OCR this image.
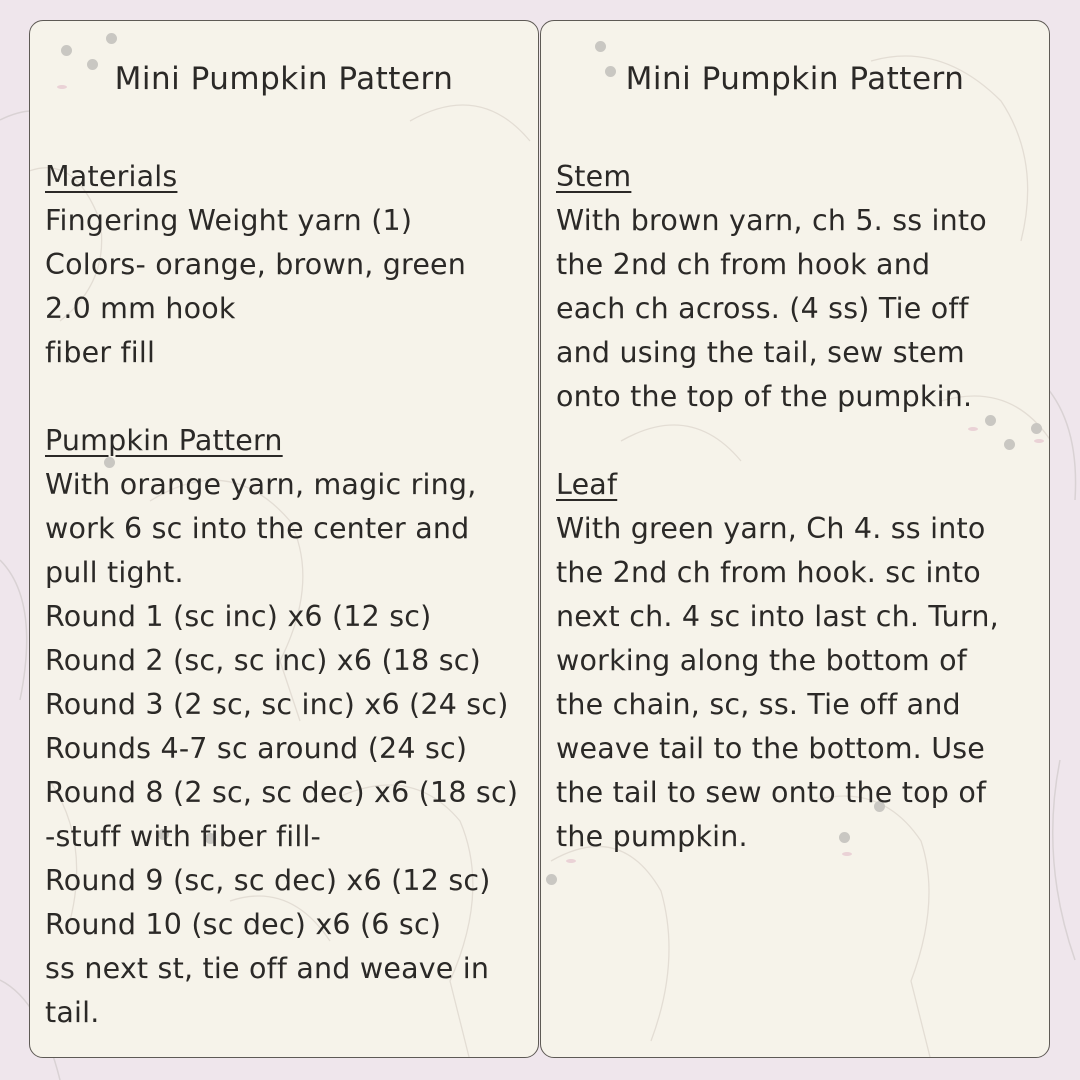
Mini Pumpkin Pattern
Materials
Fingering Weight yarn (1)
Colors- orange, brown, green
2.0 mm hook
fiber fill
Pumpkin Pattern
With orange yarn, magic ring,
work 6 sc into the center and
pull tight.
Round 1 (sc inc) x6 (12 sc)
Round 2 (sc, sc inc) x6 (18 sc)
Round 3 (2 sc, sc inc) x6 (24 sc)
Rounds 4-7 sc around (24 sc)
Round 8 (2 sc, sc dec) x6 (18 sc)
-stuff with fiber fill-
Round 9 (sc, sc dec) x6 (12 sc)
Round 10 (sc dec) x6 (6 sc)
ss next st, tie off and weave in
tail.
Mini Pumpkin Pattern
Stem
With brown yarn, ch 5. ss into
the 2nd ch from hook and
each ch across. (4 ss) Tie off
and using the tail, sew stem
onto the top of the pumpkin.
Leaf
With green yarn, Ch 4. ss into
the 2nd ch from hook. sc into
next ch. 4 sc into last ch. Turn,
working along the bottom of
the chain, sc, ss. Tie off and
weave tail to the bottom. Use
the tail to sew onto the top of
the pumpkin.
